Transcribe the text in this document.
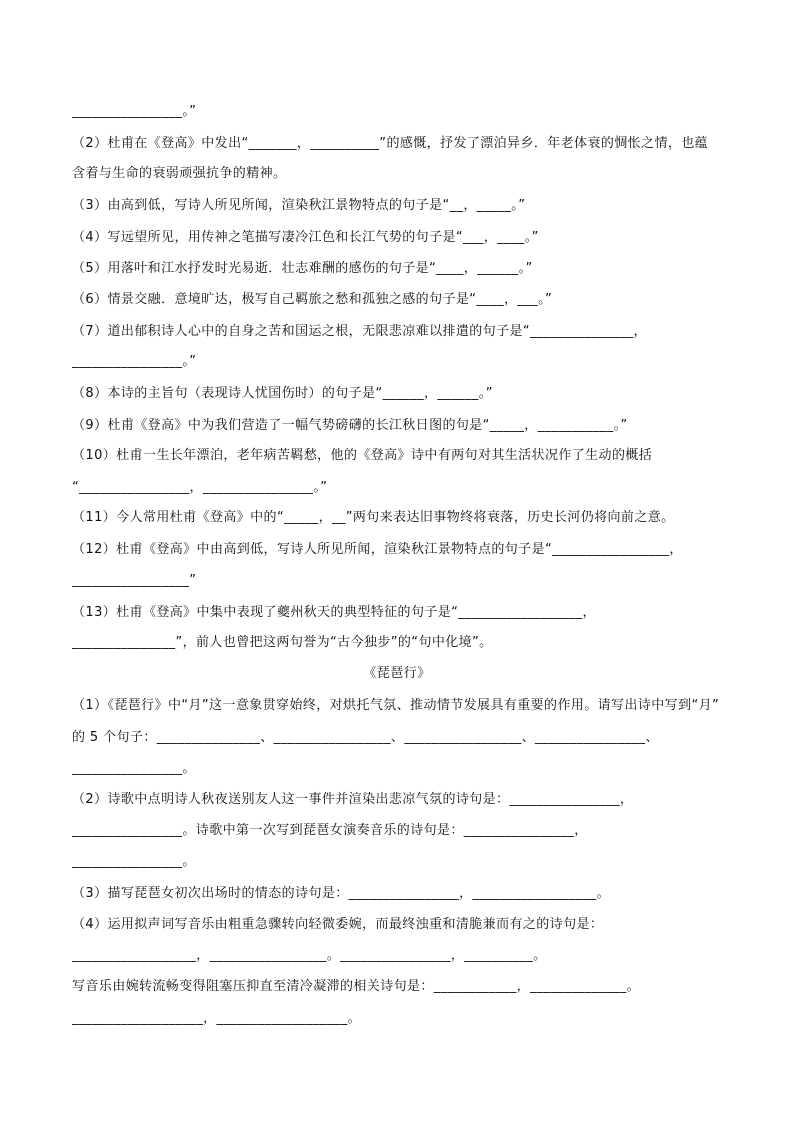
________________。”
（2）杜甫在《登高》中发出“_______，__________”的感慨，抒发了漂泊异乡．年老体衰的惆怅之情，也蕴
含着与生命的衰弱顽强抗争的精神。
（3）由高到低，写诗人所见所闻，渲染秋江景物特点的句子是“__，_____。”
（4）写远望所见，用传神之笔描写凄冷江色和长江气势的句子是“___，____。”
（5）用落叶和江水抒发时光易逝．壮志难酬的感伤的句子是“____，______。”
（6）情景交融．意境旷达，极写自己羁旅之愁和孤独之感的句子是“____，___。”
（7）道出郁积诗人心中的自身之苦和国运之根，无限悲凉难以排遣的句子是“_______________，
________________。”
（8）本诗的主旨句（表现诗人忧国伤时）的句子是“______，______。”
（9）杜甫《登高》中为我们营造了一幅气势磅礴的长江秋日图的句是“_____，___________。”
（10）杜甫一生长年漂泊，老年病苦羁愁，他的《登高》诗中有两句对其生活状况作了生动的概括
“________________，________________。”
（11）今人常用杜甫《登高》中的“_____，__”两句来表达旧事物终将衰落，历史长河仍将向前之意。
（12）杜甫《登高》中由高到低，写诗人所见所闻，渲染秋江景物特点的句子是“_________________，
_________________”
（13）杜甫《登高》中集中表现了夔州秋天的典型特征的句子是“__________________，
_______________”，前人也曾把这两句誉为“古今独步”的“句中化境”。
《琵琶行》
（1）《琵琶行》中“月”这一意象贯穿始终，对烘托气氛、推动情节发展具有重要的作用。请写出诗中写到“月”
的 5 个句子：_______________、_________________、_________________、________________、
________________。
（2）诗歌中点明诗人秋夜送别友人这一事件并渲染出悲凉气氛的诗句是：________________，
________________。诗歌中第一次写到琵琶女演奏音乐的诗句是：________________，
________________。
（3）描写琵琶女初次出场时的情态的诗句是：________________，__________________。
（4）运用拟声词写音乐由粗重急骤转向轻微委婉，而最终浊重和清脆兼而有之的诗句是：
__________________，_________________。________________，__________。
写音乐由婉转流畅变得阻塞压抑直至清冷凝滞的相关诗句是：____________，______________。
___________________，___________________。
